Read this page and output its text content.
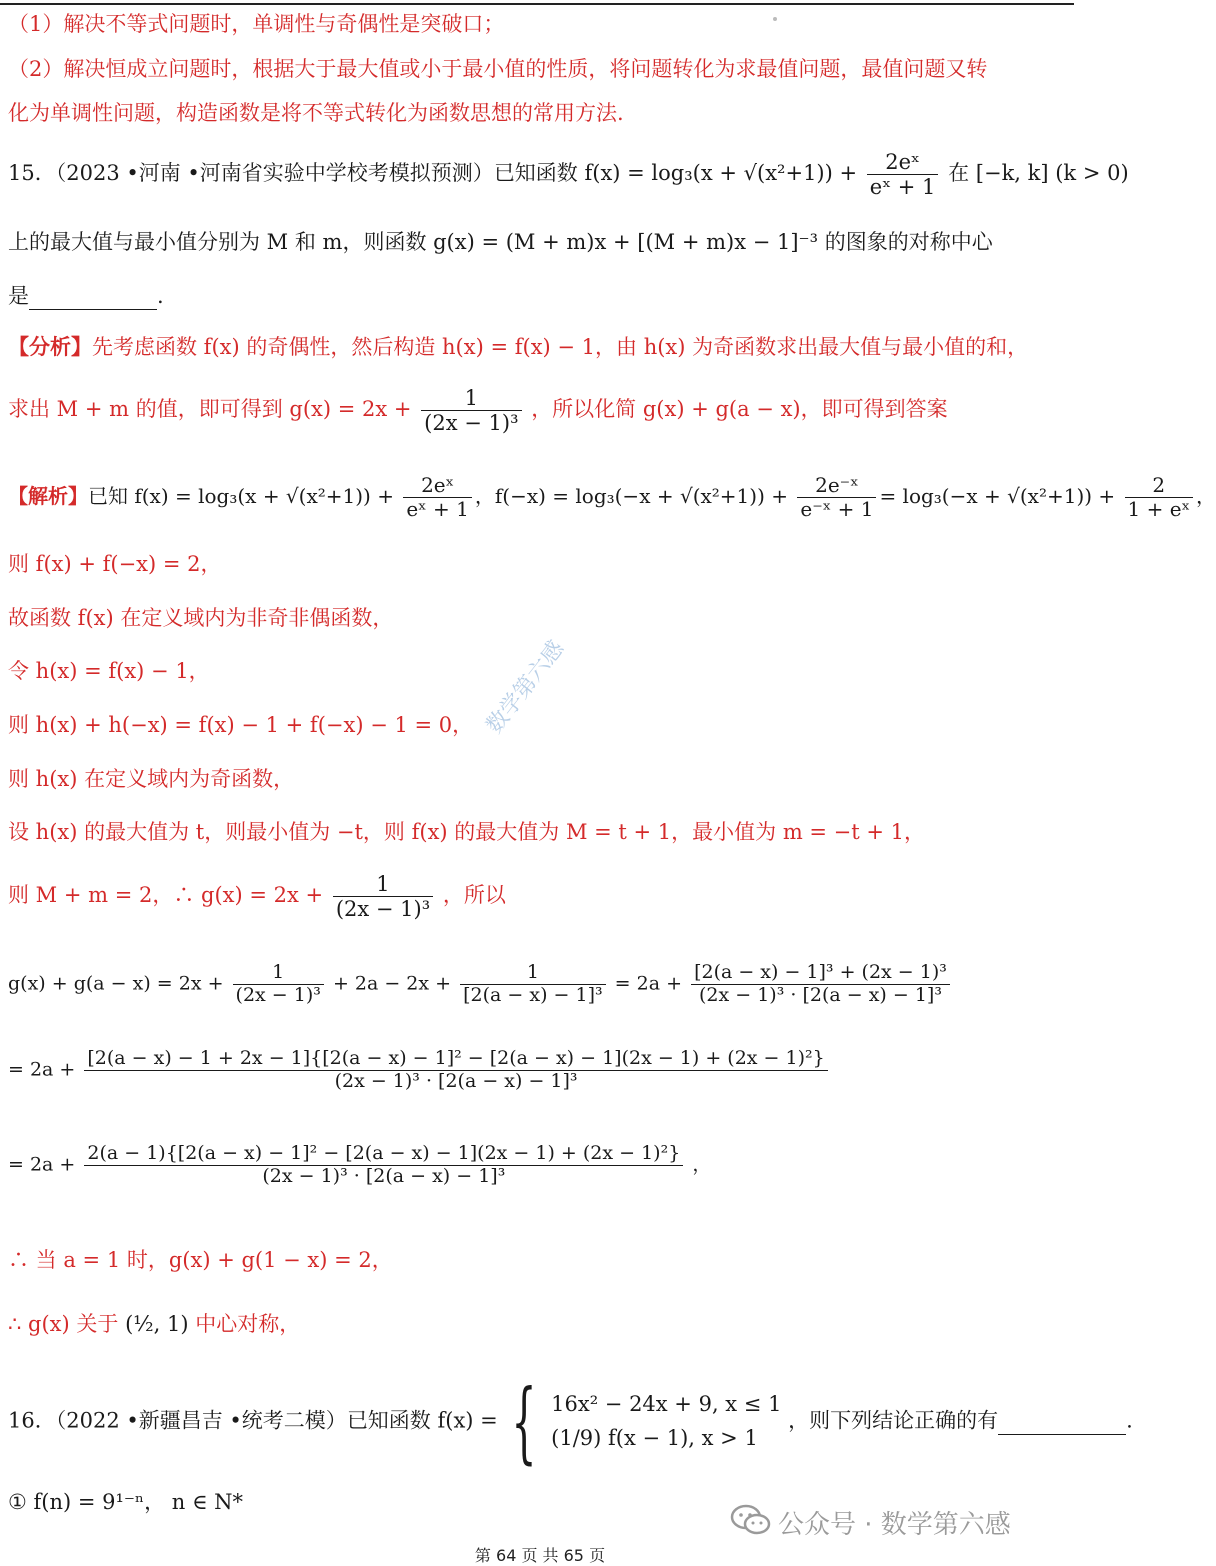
（1）解决不等式问题时，单调性与奇偶性是突破口；
（2）解决恒成立问题时，根据大于最大值或小于最小值的性质，将问题转化为求最值问题，最值问题又转
化为单调性问题，构造函数是将不等式转化为函数思想的常用方法.
15．（2023 •河南 •河南省实验中学校考模拟预测）已知函数 $f(x) = \log_3(x + √(x^2+1)) + \frac{\text{2eˣ}}{\text{eˣ + 1}}$ 在 [−k, k] (k > 0)
上的最大值与最小值分别为 M 和 m，则函数 g(x) = (M + m)x + [(M + m)x − 1]⁻³ 的图象的对称中心
是	.
【分析】先考虑函数 f(x) 的奇偶性，然后构造 h(x) = f(x) − 1，由 h(x) 为奇函数求出最大值与最小值的和，
求出 M + m 的值，即可得到 $g(x) = 2x + \frac{1}{\text{(2x − 1)³}}$ ，所以化简 g(x) + g(a − x)，即可得到答案
【解析】已知 $f(x) = \log_3(x + √(x^2+1)) + \frac{\text{2eˣ}}{\text{eˣ + 1}}$ ，$f(-x) = \log_3(-x + √(x^2+1)) + \frac{\text{2e⁻ˣ}}{\text{e⁻ˣ + 1}} = \log_3(-x + √(x^2+1)) + \frac{2}{\text{1 + eˣ}}$ ，
则 f(x) + f(−x) = 2，
故函数 f(x) 在定义域内为非奇非偶函数，
令 h(x) = f(x) − 1，
则 h(x) + h(−x) = f(x) − 1 + f(−x) − 1 = 0，
则 h(x) 在定义域内为奇函数，
设 h(x) 的最大值为 t，则最小值为 −t，则 f(x) 的最大值为 M = t + 1，最小值为 m = −t + 1，
则 M + m = 2，∴ $g(x) = 2x + \frac{1}{\text{(2x − 1)³}}$ ，所以
$g(x) + g(a - x) = 2x + \frac{1}{\text{(2x − 1)³}} + 2a - 2x + \frac{1}{\text{[2(a − x) − 1]³}} = 2a + \frac{\text{[2(a − x) − 1]³ + (2x − 1)³}}{\text{(2x − 1)³ · [2(a − x) − 1]³}}$
= 2a +
[2(a − x) − 1 + 2x − 1]{[2(a − x) − 1]² − [2(a − x) − 1](2x − 1) + (2x − 1)²}
(2x − 1)³ · [2(a − x) − 1]³
= 2a +
2(a − 1){[2(a − x) − 1]² − [2(a − x) − 1](2x − 1) + (2x − 1)²}
(2x − 1)³ · [2(a − x) − 1]³
，
∴ 当 a = 1 时，g(x) + g(1 − x) = 2，
∴ g(x) 关于 (½, 1) 中心对称，
16．（2022 •新疆昌吉 •统考二模）已知函数 f(x) = { 16x² − 24x + 9, x ≤ 1
(1/9) f(x − 1), x > 1
，则下列结论正确的有	.
① f(n) = 9¹⁻ⁿ， n ∈ N*
数学第六感
公众号 · 数学第六感
第 64 页 共 65 页
